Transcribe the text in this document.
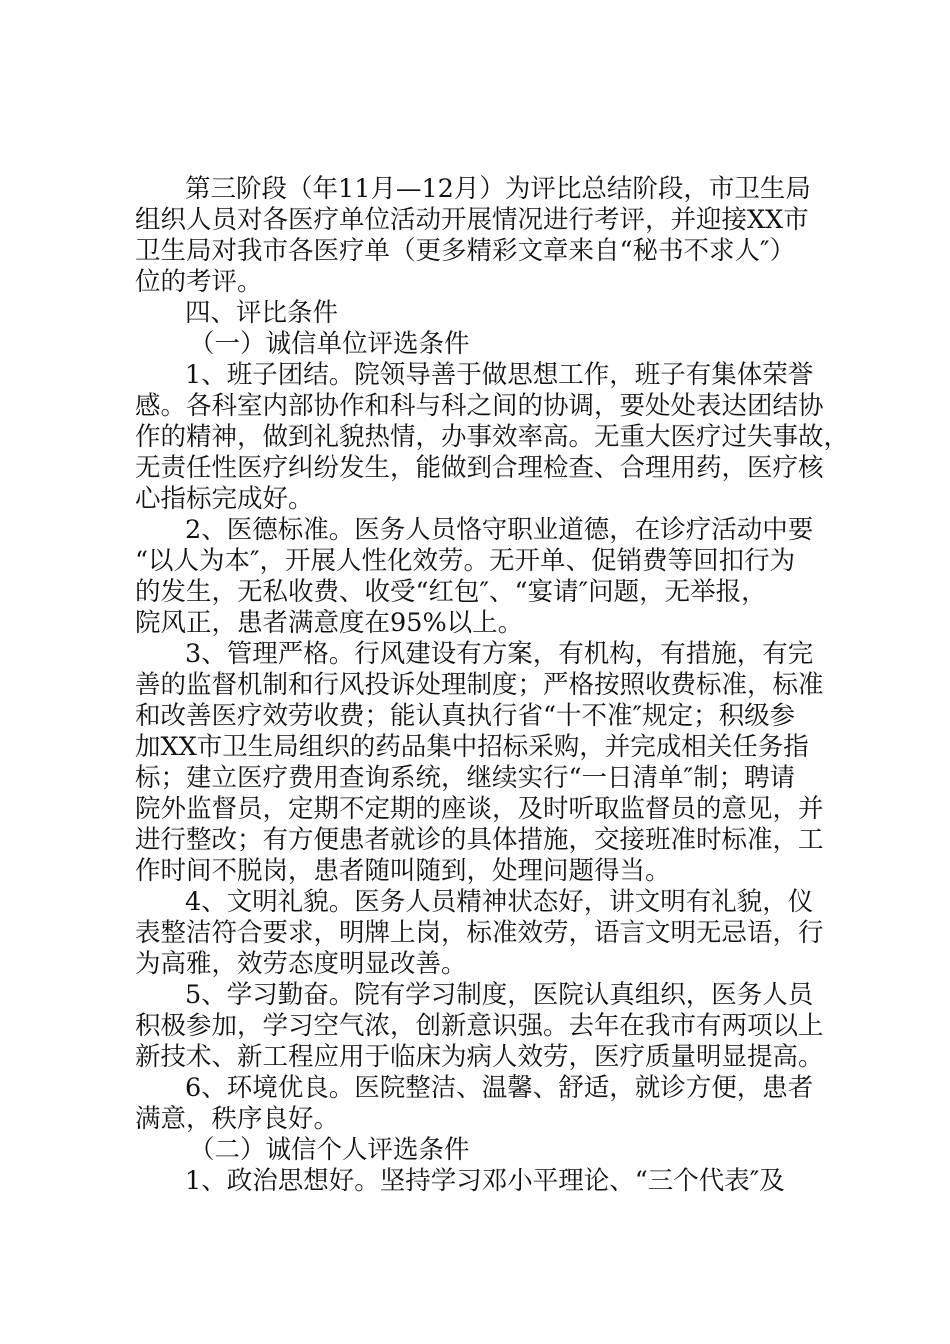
第三阶段（年11月—12月）为评比总结阶段，市卫生局
组织人员对各医疗单位活动开展情况进行考评，并迎接XX市
卫生局对我市各医疗单（更多精彩文章来自“秘书不求人″）
位的考评。
四、评比条件
（一）诚信单位评选条件
1、班子团结。院领导善于做思想工作，班子有集体荣誉
感。各科室内部协作和科与科之间的协调，要处处表达团结协
作的精神，做到礼貌热情，办事效率高。无重大医疗过失事故，
无责任性医疗纠纷发生，能做到合理检查、合理用药，医疗核
心指标完成好。
2、医德标准。医务人员恪守职业道德，在诊疗活动中要
“以人为本″，开展人性化效劳。无开单、促销费等回扣行为
的发生，无私收费、收受“红包″、“宴请″问题，无举报，
院风正，患者满意度在95%以上。
3、管理严格。行风建设有方案，有机构，有措施，有完
善的监督机制和行风投诉处理制度；严格按照收费标准，标准
和改善医疗效劳收费；能认真执行省“十不准″规定；积级参
加XX市卫生局组织的药品集中招标采购，并完成相关任务指
标；建立医疗费用查询系统，继续实行“一日清单″制；聘请
院外监督员，定期不定期的座谈，及时听取监督员的意见，并
进行整改；有方便患者就诊的具体措施，交接班准时标准，工
作时间不脱岗，患者随叫随到，处理问题得当。
4、文明礼貌。医务人员精神状态好，讲文明有礼貌，仪
表整洁符合要求，明牌上岗，标准效劳，语言文明无忌语，行
为高雅，效劳态度明显改善。
5、学习勤奋。院有学习制度，医院认真组织，医务人员
积极参加，学习空气浓，创新意识强。去年在我市有两项以上
新技术、新工程应用于临床为病人效劳，医疗质量明显提高。
6、环境优良。医院整洁、温馨、舒适，就诊方便，患者
满意，秩序良好。
（二）诚信个人评选条件
1、政治思想好。坚持学习邓小平理论、“三个代表″及
